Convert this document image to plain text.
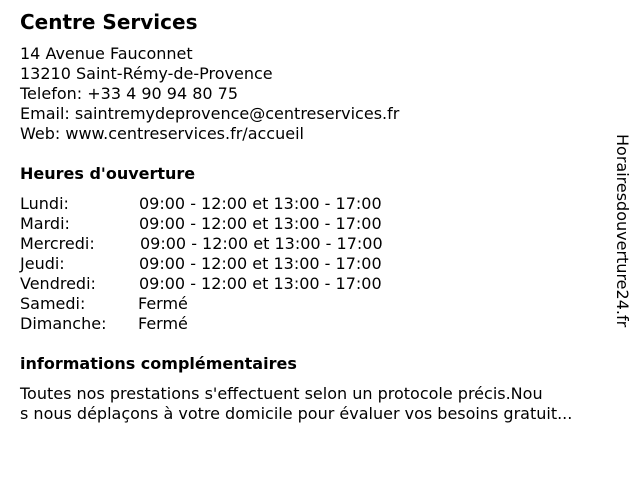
Centre Services
14 Avenue Fauconnet
13210 Saint-Rémy-de-Provence
Telefon: +33 4 90 94 80 75
Email: saintremydeprovence@centreservices.fr
Web: www.centreservices.fr/accueil
Heures d'ouverture
Lundi:	09:00 - 12:00 et 13:00 - 17:00
Mardi:	09:00 - 12:00 et 13:00 - 17:00
Mercredi:	09:00 - 12:00 et 13:00 - 17:00
Jeudi:	09:00 - 12:00 et 13:00 - 17:00
Vendredi:	09:00 - 12:00 et 13:00 - 17:00
Samedi:	Fermé
Dimanche: Fermé
informations complémentaires
Toutes nos prestations s'effectuent selon un protocole précis.Nou
s nous déplaçons à votre domicile pour évaluer vos besoins gratuit...
Horairesdouverture24.fr
